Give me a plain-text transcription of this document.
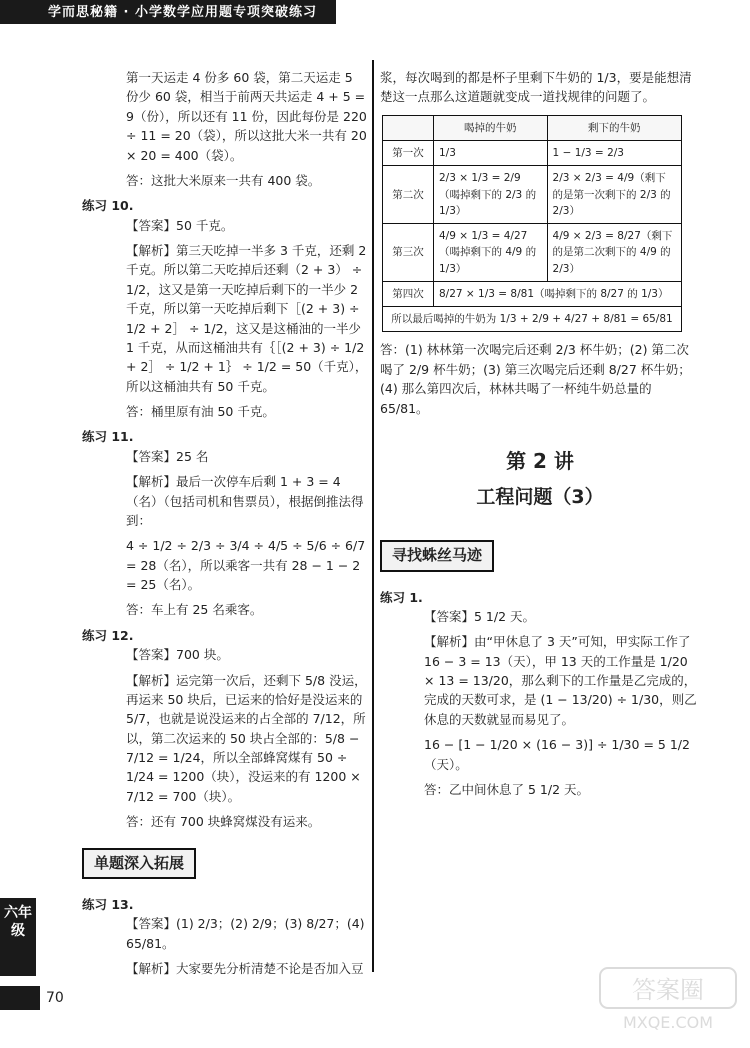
学而思秘籍 · 小学数学应用题专项突破练习

第一天运走 4 份多 60 袋，第二天运走 5 份少 60 袋，相当于前两天共运走 4 + 5 = 9（份），所以还有 11 份，因此每份是 220 ÷ 11 = 20（袋），所以这批大米一共有 20 × 20 = 400（袋）。

答：这批大米原来一共有 400 袋。

练习 10.

【答案】50 千克。

【解析】第三天吃掉一半多 3 千克，还剩 2 千克。所以第二天吃掉后还剩（2 + 3） ÷ 1/2，这又是第一天吃掉后剩下的一半少 2 千克，所以第一天吃掉后剩下［(2 + 3) ÷ 1/2 + 2］ ÷ 1/2，这又是这桶油的一半少 1 千克，从而这桶油共有｛［(2 + 3) ÷ 1/2 + 2］ ÷ 1/2 + 1｝ ÷ 1/2 = 50（千克），所以这桶油共有 50 千克。

答：桶里原有油 50 千克。

练习 11.

【答案】25 名

【解析】最后一次停车后剩 1 + 3 = 4（名）（包括司机和售票员），根据倒推法得到：

4 ÷ 1/2 ÷ 2/3 ÷ 3/4 ÷ 4/5 ÷ 5/6 ÷ 6/7 = 28（名），所以乘客一共有 28 − 1 − 2 = 25（名）。

答：车上有 25 名乘客。

练习 12.

【答案】700 块。

【解析】运完第一次后，还剩下 5/8 没运，再运来 50 块后，已运来的恰好是没运来的 5/7，也就是说没运来的占全部的 7/12，所以，第二次运来的 50 块占全部的：5/8 − 7/12 = 1/24，所以全部蜂窝煤有 50 ÷ 1/24 = 1200（块），没运来的有 1200 × 7/12 = 700（块）。

答：还有 700 块蜂窝煤没有运来。

单题深入拓展
练习 13.

【答案】(1) 2/3；(2) 2/9；(3) 8/27；(4) 65/81。

【解析】大家要先分析清楚不论是否加入豆

浆，每次喝到的都是杯子里剩下牛奶的 1/3，要是能想清楚这一点那么这道题就变成一道找规律的问题了。

	喝掉的牛奶	剩下的牛奶
第一次	1/3	1 − 1/3 = 2/3
第二次	2/3 × 1/3 = 2/9（喝掉剩下的 2/3 的 1/3）	2/3 × 2/3 = 4/9（剩下的是第一次剩下的 2/3 的 2/3）
第三次	4/9 × 1/3 = 4/27（喝掉剩下的 4/9 的 1/3）	4/9 × 2/3 = 8/27（剩下的是第二次剩下的 4/9 的 2/3）
第四次	8/27 × 1/3 = 8/81（喝掉剩下的 8/27 的 1/3）	
所以最后喝掉的牛奶为 1/3 + 2/9 + 4/27 + 8/81 = 65/81		

答：(1) 林林第一次喝完后还剩 2/3 杯牛奶；(2) 第二次喝了 2/9 杯牛奶；(3) 第三次喝完后还剩 8/27 杯牛奶；(4) 那么第四次后，林林共喝了一杯纯牛奶总量的 65/81。

第 2 讲
工程问题（3）
寻找蛛丝马迹
练习 1.

【答案】5 1/2 天。

【解析】由“甲休息了 3 天”可知，甲实际工作了 16 − 3 = 13（天），甲 13 天的工作量是 1/20 × 13 = 13/20，那么剩下的工作量是乙完成的，完成的天数可求，是 (1 − 13/20) ÷ 1/30，则乙休息的天数就显而易见了。

16 − [1 − 1/20 × (16 − 3)] ÷ 1/30 = 5 1/2（天）。

答：乙中间休息了 5 1/2 天。

六年级
70	答案圈
MXQE.COM
